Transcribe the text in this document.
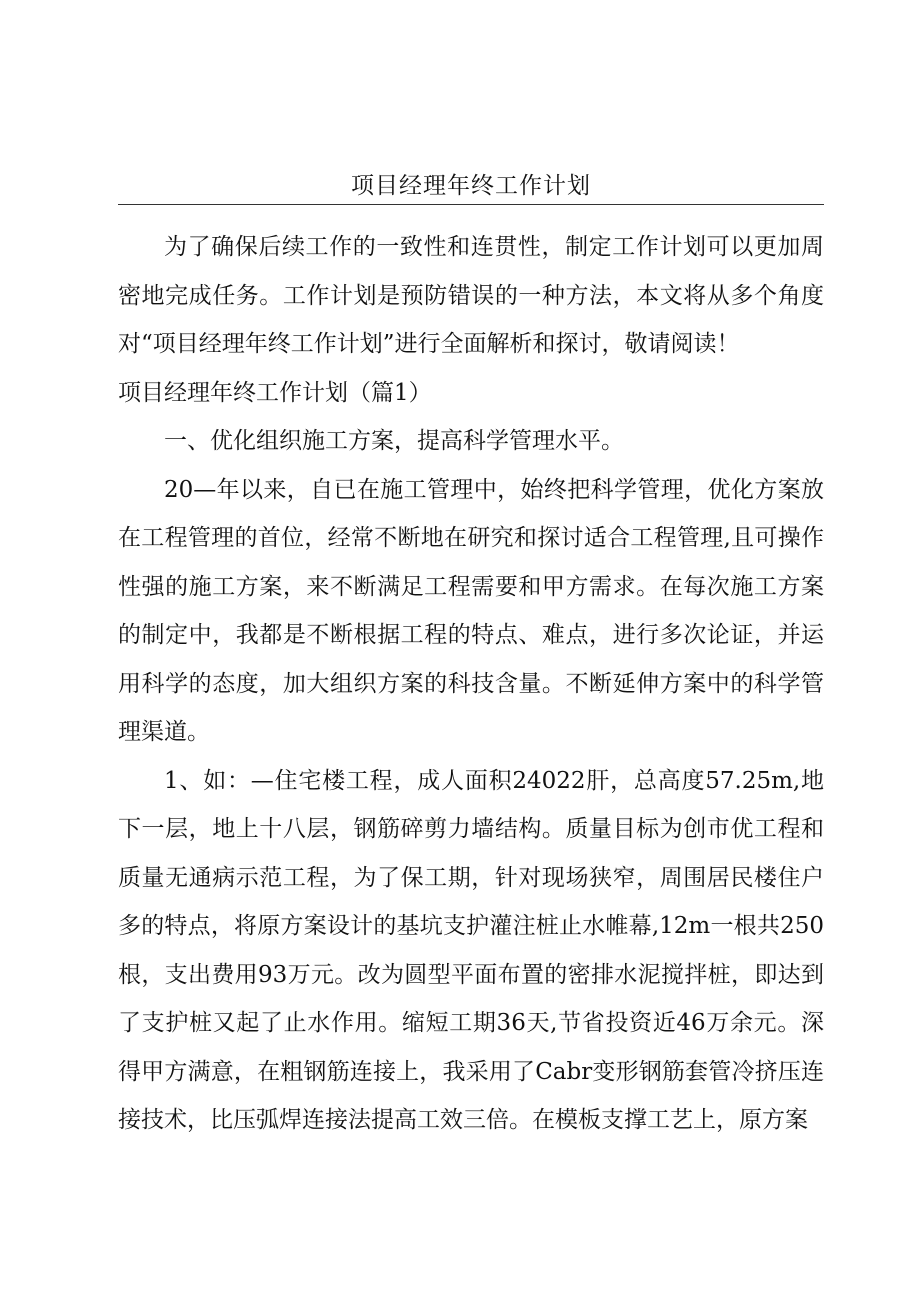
项目经理年终工作计划

为了确保后续工作的一致性和连贯性，制定工作计划可以更加周密地完成任务。工作计划是预防错误的一种方法，本文将从多个角度对“项目经理年终工作计划”进行全面解析和探讨，敬请阅读！

项目经理年终工作计划（篇1）

一、优化组织施工方案，提高科学管理水平。

20—年以来，自已在施工管理中，始终把科学管理，优化方案放在工程管理的首位，经常不断地在研究和探讨适合工程管理,且可操作性强的施工方案，来不断满足工程需要和甲方需求。在每次施工方案的制定中，我都是不断根据工程的特点、难点，进行多次论证，并运用科学的态度，加大组织方案的科技含量。不断延伸方案中的科学管理渠道。

1、如：—住宅楼工程，成人面积24022肝，总高度57.25m,地下一层，地上十八层，钢筋碎剪力墙结构。质量目标为创市优工程和质量无通病示范工程，为了保工期，针对现场狭窄，周围居民楼住户多的特点，将原方案设计的基坑支护灌注桩止水帷幕,12m一根共250根，支出费用93万元。改为圆型平面布置的密排水泥搅拌桩，即达到了支护桩又起了止水作用。缩短工期36天,节省投资近46万余元。深得甲方满意，在粗钢筋连接上，我采用了Cabr变形钢筋套管冷挤压连接技术，比压弧焊连接法提高工效三倍。在模板支撑工艺上，原方案
